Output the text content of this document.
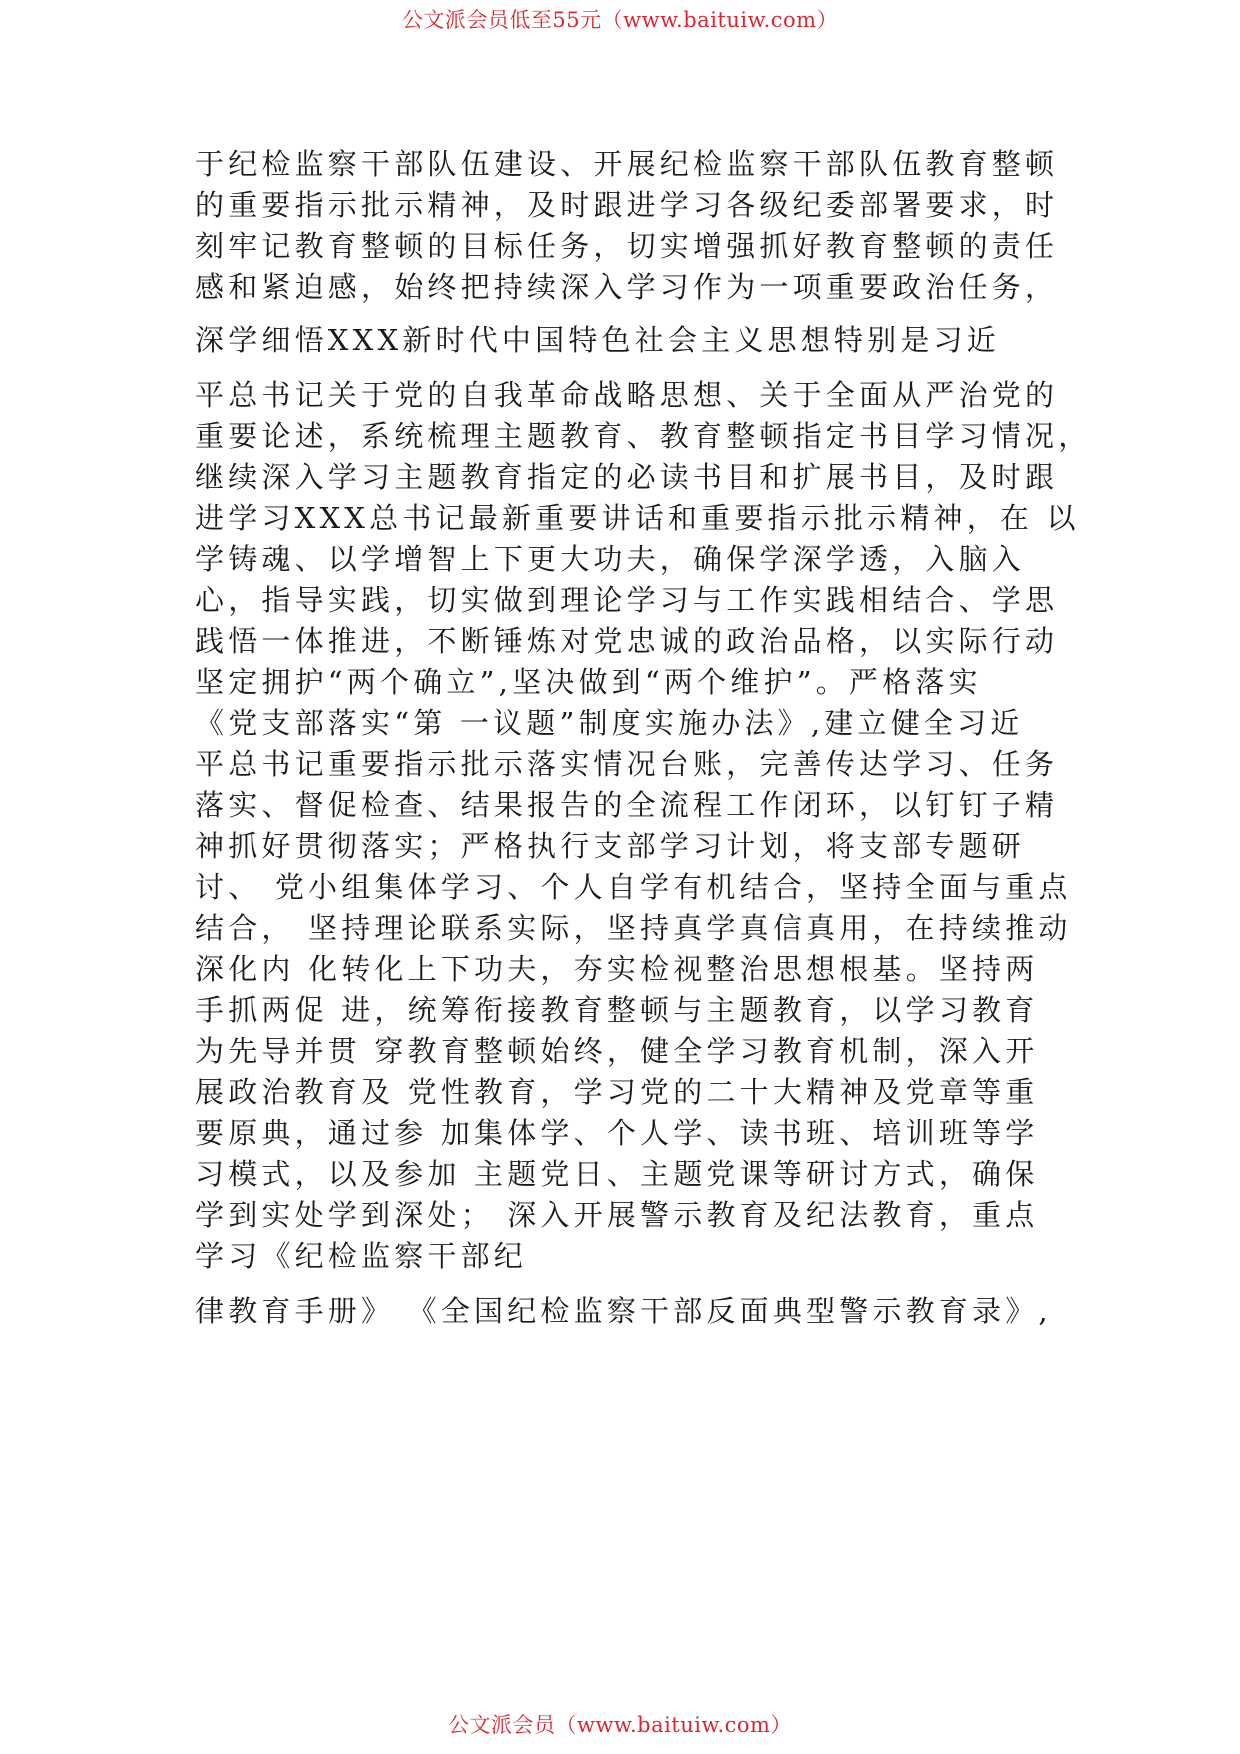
公文派会员低至55元（www.baituiw.com）
于纪检监察干部队伍建设、开展纪检监察干部队伍教育整顿
的重要指示批示精神，及时跟进学习各级纪委部署要求，时
刻牢记教育整顿的目标任务，切实增强抓好教育整顿的责任
感和紧迫感，始终把持续深入学习作为一项重要政治任务，
深学细悟XXX新时代中国特色社会主义思想特别是习近
平总书记关于党的自我革命战略思想、关于全面从严治党的
重要论述，系统梳理主题教育、教育整顿指定书目学习情况，
继续深入学习主题教育指定的必读书目和扩展书目，及时跟
进学习XXX总书记最新重要讲话和重要指示批示精神，在 以
学铸魂、以学增智上下更大功夫，确保学深学透，入脑入
心，指导实践，切实做到理论学习与工作实践相结合、学思
践悟一体推进，不断锤炼对党忠诚的政治品格，以实际行动
坚定拥护“两个确立”,坚决做到“两个维护”。严格落实
《党支部落实“第 一议题”制度实施办法》,建立健全习近
平总书记重要指示批示落实情况台账，完善传达学习、任务
落实、督促检查、结果报告的全流程工作闭环，以钉钉子精
神抓好贯彻落实；严格执行支部学习计划，将支部专题研
讨、 党小组集体学习、个人自学有机结合，坚持全面与重点
结合， 坚持理论联系实际，坚持真学真信真用，在持续推动
深化内 化转化上下功夫，夯实检视整治思想根基。坚持两
手抓两促 进，统筹衔接教育整顿与主题教育，以学习教育
为先导并贯 穿教育整顿始终，健全学习教育机制，深入开
展政治教育及 党性教育，学习党的二十大精神及党章等重
要原典，通过参 加集体学、个人学、读书班、培训班等学
习模式，以及参加 主题党日、主题党课等研讨方式，确保
学到实处学到深处； 深入开展警示教育及纪法教育，重点
学习《纪检监察干部纪
律教育手册》 《全国纪检监察干部反面典型警示教育录》,
公文派会员（www.baituiw.com）
